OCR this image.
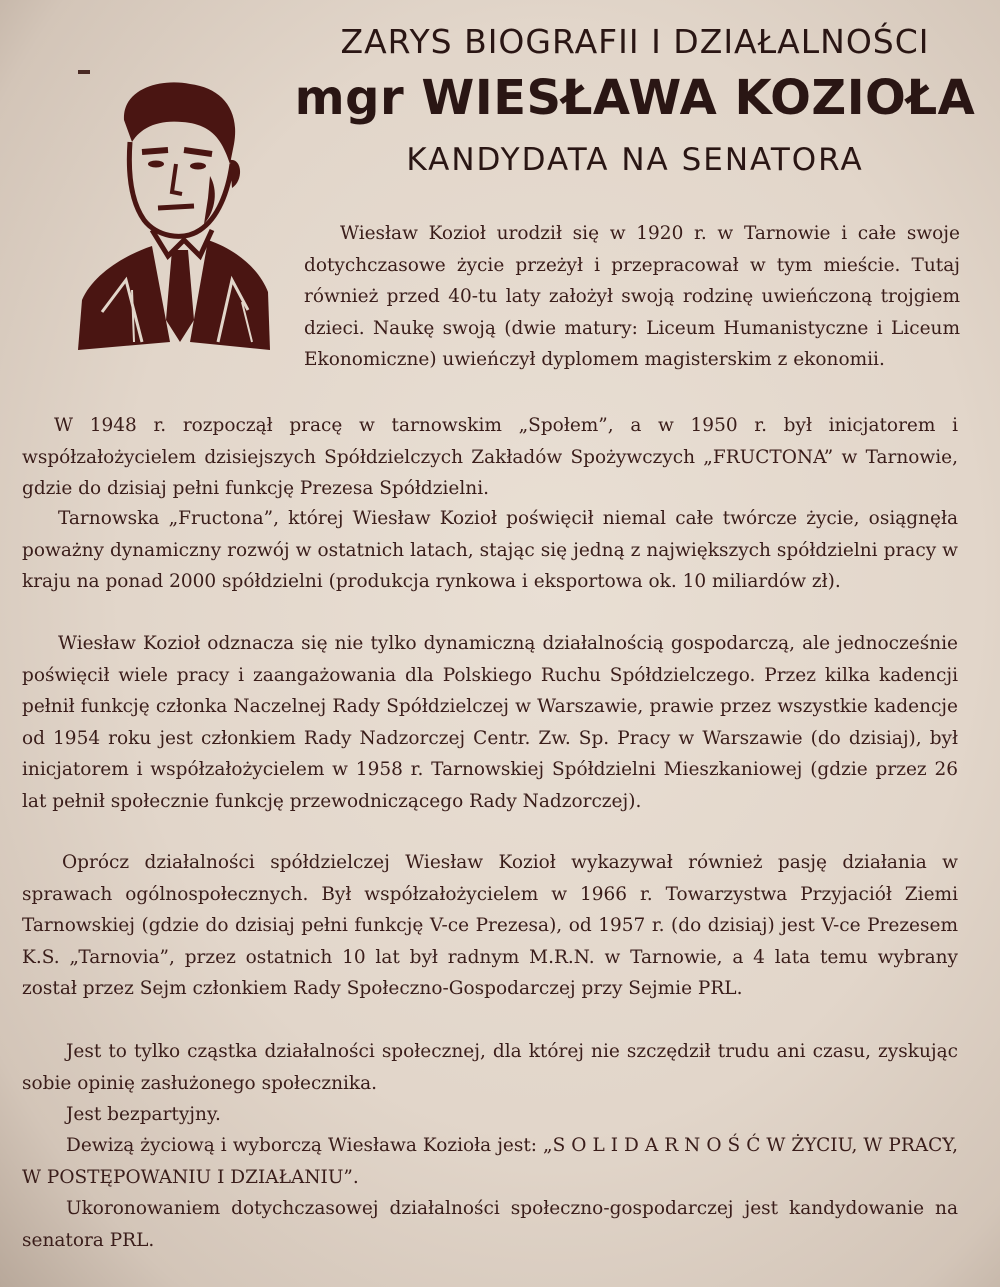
ZARYS BIOGRAFII I DZIAŁALNOŚCI
mgr WIESŁAWA KOZIOŁA
KANDYDATA NA SENATORA

Wiesław Kozioł urodził się w 1920 r. w Tarnowie i całe swoje dotychczasowe życie przeżył i przepracował w tym mieście. Tutaj również przed 40-tu laty założył swoją rodzinę uwieńczoną trojgiem dzieci. Naukę swoją (dwie matury: Liceum Humanistyczne i Liceum Ekonomiczne) uwieńczył dyplomem magisterskim z ekonomii.

W 1948 r. rozpoczął pracę w tarnowskim „Społem”, a w 1950 r. był inicjatorem i współzałożycielem dzisiejszych Spółdzielczych Zakładów Spożywczych „FRUCTONA” w Tarnowie, gdzie do dzisiaj pełni funkcję Prezesa Spółdzielni.

Tarnowska „Fructona”, której Wiesław Kozioł poświęcił niemal całe twórcze życie, osiągnęła poważny dynamiczny rozwój w ostatnich latach, stając się jedną z największych spółdzielni pracy w kraju na ponad 2000 spółdzielni (produkcja rynkowa i eksportowa ok. 10 miliardów zł).

Wiesław Kozioł odznacza się nie tylko dynamiczną działalnością gospodarczą, ale jednocześnie poświęcił wiele pracy i zaangażowania dla Polskiego Ruchu Spółdzielczego. Przez kilka kadencji pełnił funkcję członka Naczelnej Rady Spółdzielczej w Warszawie, prawie przez wszystkie kadencje od 1954 roku jest członkiem Rady Nadzorczej Centr. Zw. Sp. Pracy w Warszawie (do dzisiaj), był inicjatorem i współzałożycielem w 1958 r. Tarnowskiej Spółdzielni Mieszkaniowej (gdzie przez 26 lat pełnił społecznie funkcję przewodniczącego Rady Nadzorczej).

Oprócz działalności spółdzielczej Wiesław Kozioł wykazywał również pasję działania w sprawach ogólnospołecznych. Był współzałożycielem w 1966 r. Towarzystwa Przyjaciół Ziemi Tarnowskiej (gdzie do dzisiaj pełni funkcję V-ce Prezesa), od 1957 r. (do dzisiaj) jest V-ce Prezesem K.S. „Tarnovia”, przez ostatnich 10 lat był radnym M.R.N. w Tarnowie, a 4 lata temu wybrany został przez Sejm członkiem Rady Społeczno-Gospodarczej przy Sejmie PRL.

Jest to tylko cząstka działalności społecznej, dla której nie szczędził trudu ani czasu, zyskując sobie opinię zasłużonego społecznika.

Jest bezpartyjny.

Dewizą życiową i wyborczą Wiesława Kozioła jest: „S O L I D A R N O Ś Ć W ŻYCIU, W PRACY, W POSTĘPOWANIU I DZIAŁANIU”.

Ukoronowaniem dotychczasowej działalności społeczno-gospodarczej jest kandydowanie na senatora PRL.
